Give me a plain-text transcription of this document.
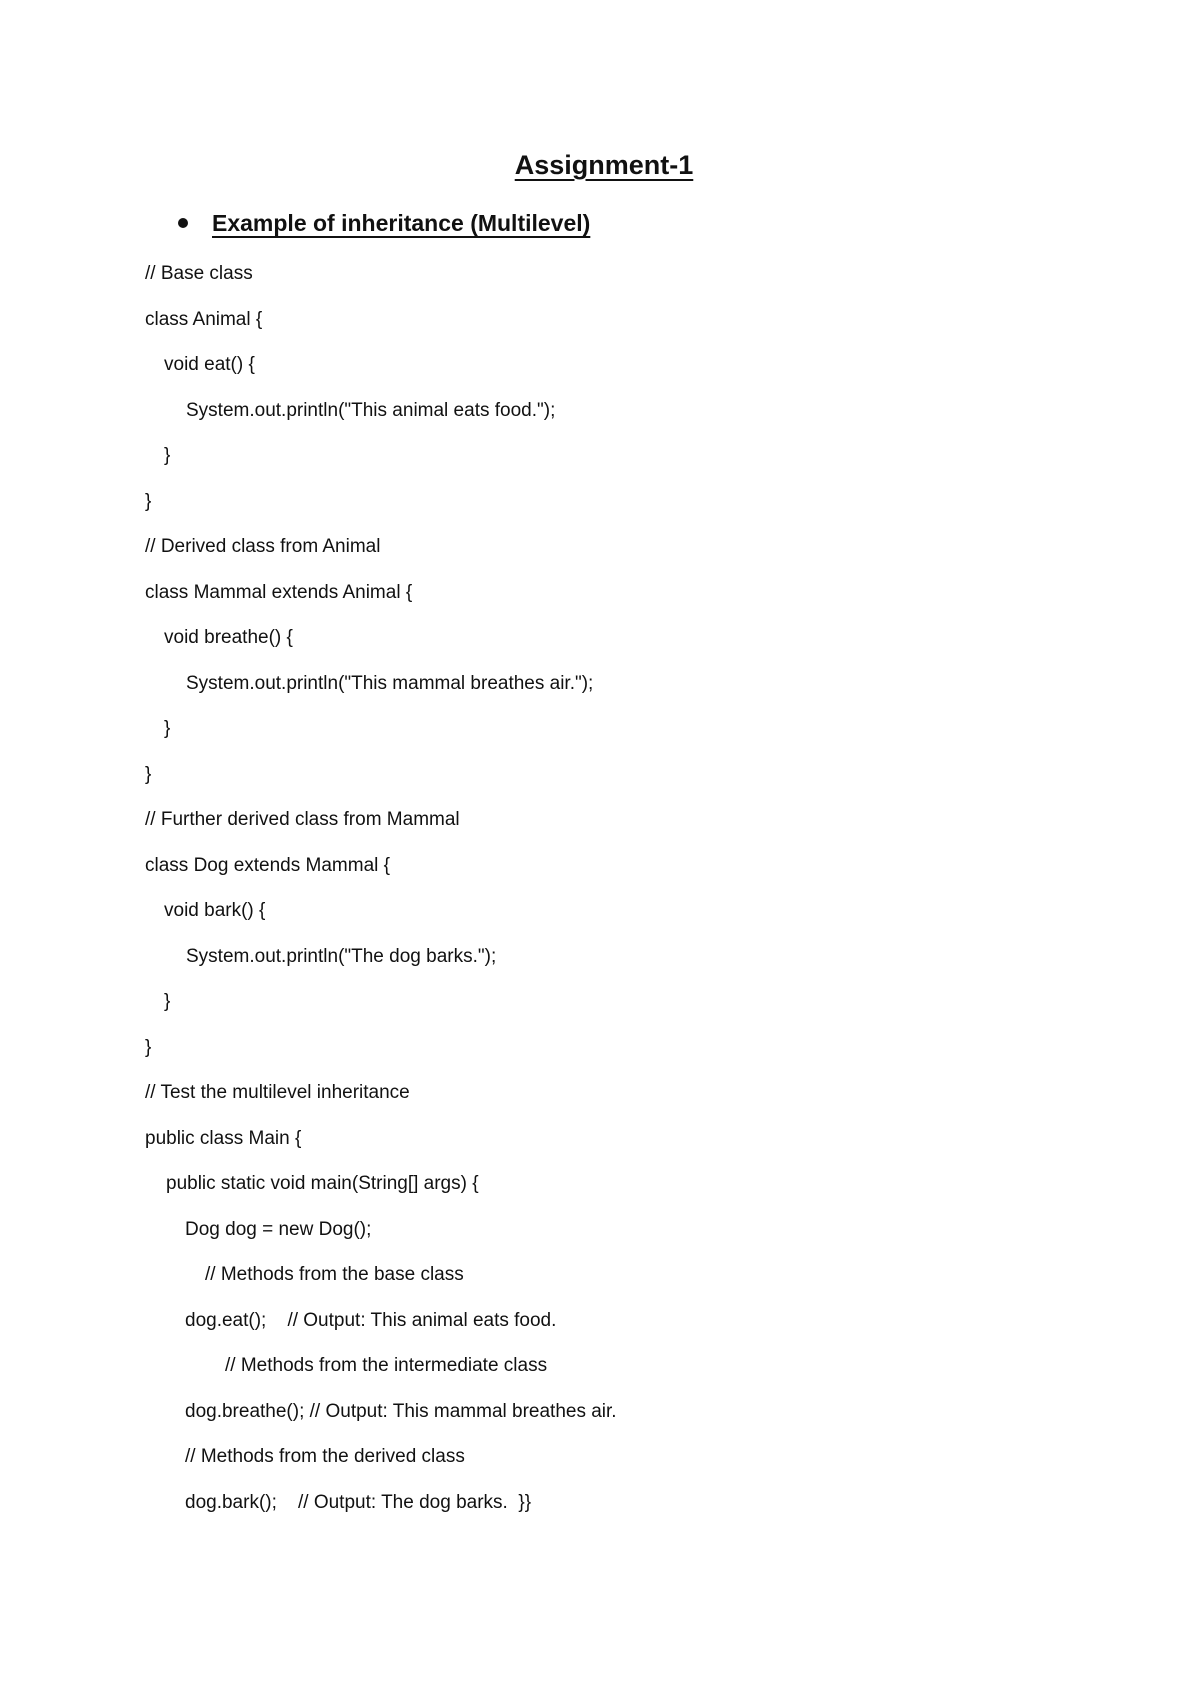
Assignment-1
Example of inheritance (Multilevel)
// Base class
class Animal {
void eat() {
System.out.println("This animal eats food.");
}
}
// Derived class from Animal
class Mammal extends Animal {
void breathe() {
System.out.println("This mammal breathes air.");
}
}
// Further derived class from Mammal
class Dog extends Mammal {
void bark() {
System.out.println("The dog barks.");
}
}
// Test the multilevel inheritance
public class Main {
public static void main(String[] args) {
Dog dog = new Dog();
// Methods from the base class
dog.eat();    // Output: This animal eats food.
// Methods from the intermediate class
dog.breathe(); // Output: This mammal breathes air.
// Methods from the derived class
dog.bark();    // Output: The dog barks.  }}
